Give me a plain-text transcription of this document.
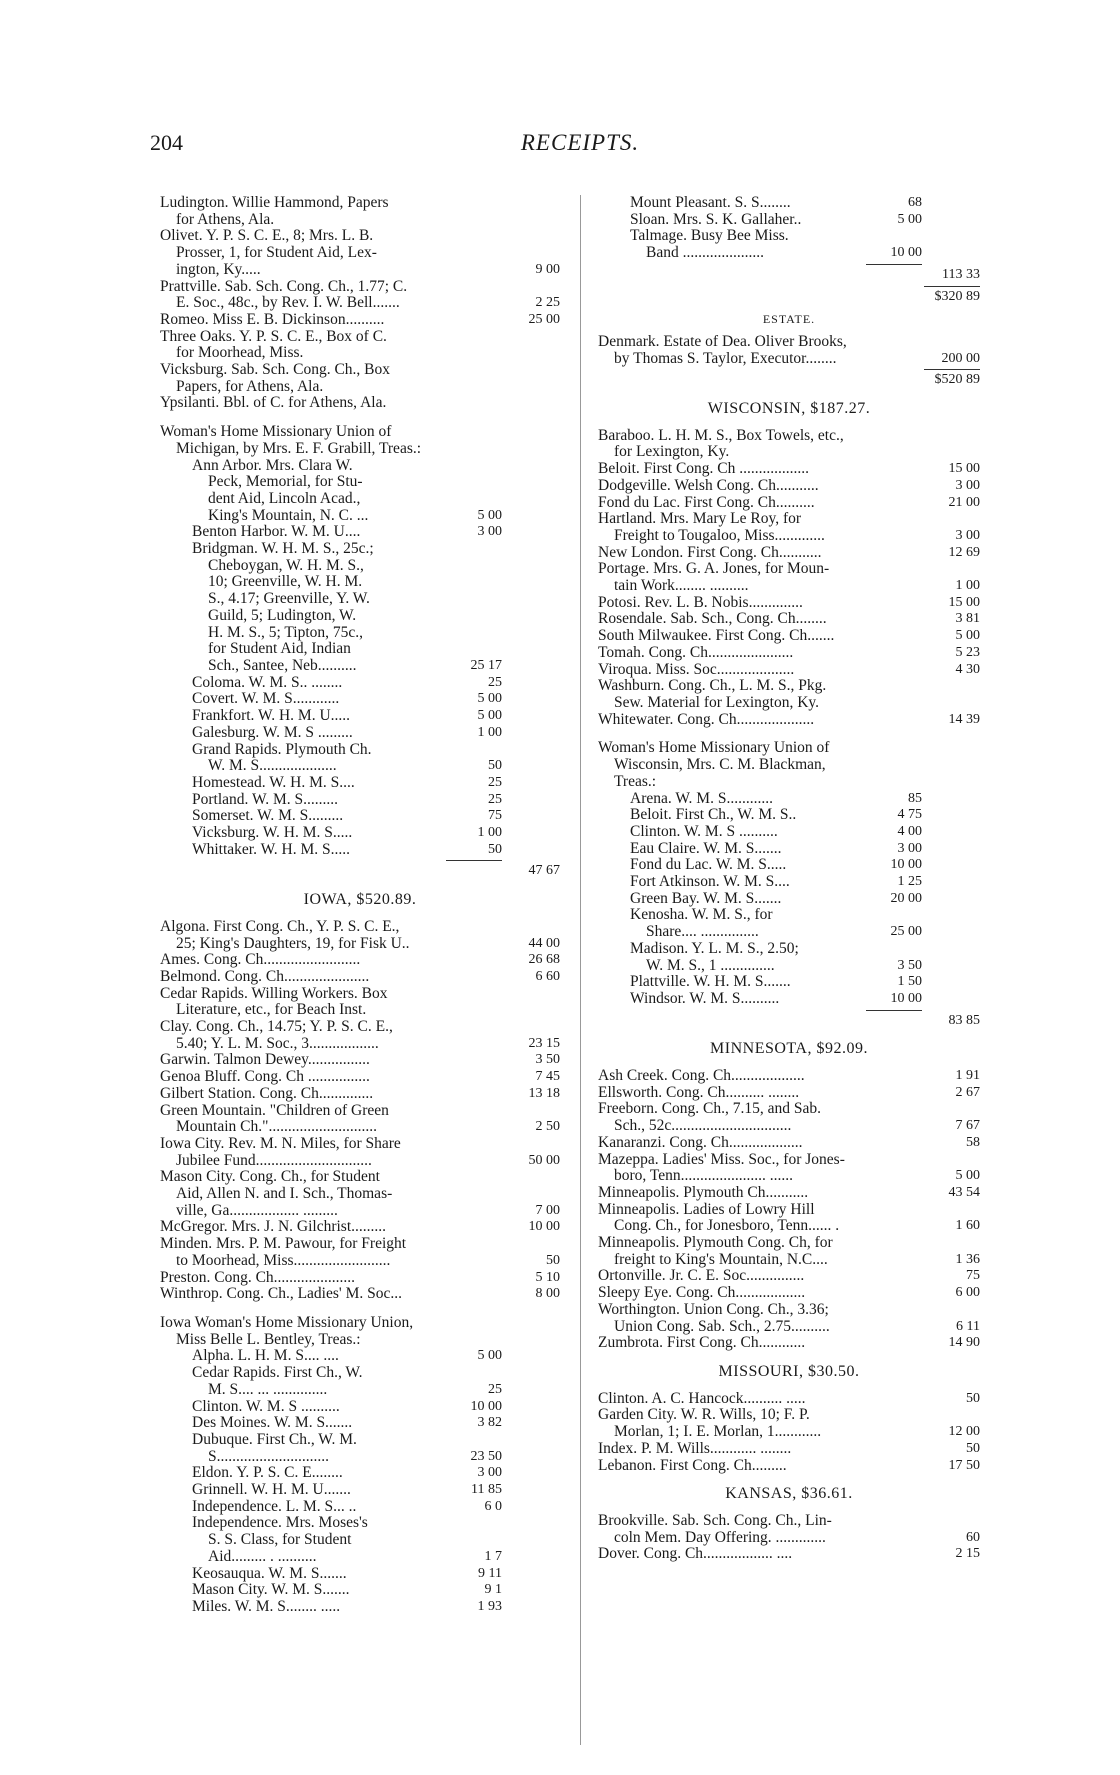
204	RECEIPTS.
Ludington. Willie Hammond, Papers
for Athens, Ala.
Olivet. Y. P. S. C. E., 8; Mrs. L. B.
Prosser, 1, for Student Aid, Lex-
ington, Ky.....	9 00
Prattville. Sab. Sch. Cong. Ch., 1.77; C.
E. Soc., 48c., by Rev. I. W. Bell.......	2 25
Romeo. Miss E. B. Dickinson..........	25 00
Three Oaks. Y. P. S. C. E., Box of C.
for Moorhead, Miss.
Vicksburg. Sab. Sch. Cong. Ch., Box
Papers, for Athens, Ala.
Ypsilanti. Bbl. of C. for Athens, Ala.
Woman's Home Missionary Union of
Michigan, by Mrs. E. F. Grabill, Treas.:
Ann Arbor. Mrs. Clara W.
Peck, Memorial, for Stu-
dent Aid, Lincoln Acad.,
King's Mountain, N. C. ...	5 00
Benton Harbor. W. M. U....	3 00
Bridgman. W. H. M. S., 25c.;
Cheboygan, W. H. M. S.,
10; Greenville, W. H. M.
S., 4.17; Greenville, Y. W.
Guild, 5; Ludington, W.
H. M. S., 5; Tipton, 75c.,
for Student Aid, Indian
Sch., Santee, Neb..........	25 17
Coloma. W. M. S.. ........	25
Covert. W. M. S............	5 00
Frankfort. W. H. M. U.....	5 00
Galesburg. W. M. S .........	1 00
Grand Rapids. Plymouth Ch.
W. M. S....................	50
Homestead. W. H. M. S....	25
Portland. W. M. S.........	25
Somerset. W. M. S.........	75
Vicksburg. W. H. M. S.....	1 00
Whittaker. W. H. M. S.....	50
47 67
IOWA, $520.89.
Algona. First Cong. Ch., Y. P. S. C. E.,
25; King's Daughters, 19, for Fisk U..	44 00
Ames. Cong. Ch.........................	26 68
Belmond. Cong. Ch......................	6 60
Cedar Rapids. Willing Workers. Box
Literature, etc., for Beach Inst.
Clay. Cong. Ch., 14.75; Y. P. S. C. E.,
5.40; Y. L. M. Soc., 3..................	23 15
Garwin. Talmon Dewey................	3 50
Genoa Bluff. Cong. Ch ................	7 45
Gilbert Station. Cong. Ch..............	13 18
Green Mountain. "Children of Green
Mountain Ch."............................	2 50
Iowa City. Rev. M. N. Miles, for Share
Jubilee Fund..............................	50 00
Mason City. Cong. Ch., for Student
Aid, Allen N. and I. Sch., Thomas-
ville, Ga.................. .........	7 00
McGregor. Mrs. J. N. Gilchrist.........	10 00
Minden. Mrs. P. M. Pawour, for Freight
to Moorhead, Miss.........................	50
Preston. Cong. Ch.....................	5 10
Winthrop. Cong. Ch., Ladies' M. Soc...	8 00
Iowa Woman's Home Missionary Union,
Miss Belle L. Bentley, Treas.:
Alpha. L. H. M. S.... ....	5 00
Cedar Rapids. First Ch., W.
M. S.... ... ..............	25
Clinton. W. M. S ..........	10 00
Des Moines. W. M. S.......	3 82
Dubuque. First Ch., W. M.
S.............................	23 50
Eldon. Y. P. S. C. E........	3 00
Grinnell. W. H. M. U.......	11 85
Independence. L. M. S... ..	6 0
Independence. Mrs. Moses's
S. S. Class, for Student
Aid......... . ..........	1 7
Keosauqua. W. M. S.......	9 11
Mason City. W. M. S.......	9 1
Miles. W. M. S........ .....	1 93
Mount Pleasant. S. S........	68
Sloan. Mrs. S. K. Gallaher..	5 00
Talmage. Busy Bee Miss.
Band .....................	10 00
113 33
$320 89
ESTATE.
Denmark. Estate of Dea. Oliver Brooks,
by Thomas S. Taylor, Executor........	200 00
$520 89
WISCONSIN, $187.27.
Baraboo. L. H. M. S., Box Towels, etc.,
for Lexington, Ky.
Beloit. First Cong. Ch ..................	15 00
Dodgeville. Welsh Cong. Ch...........	3 00
Fond du Lac. First Cong. Ch..........	21 00
Hartland. Mrs. Mary Le Roy, for
Freight to Tougaloo, Miss.............	3 00
New London. First Cong. Ch...........	12 69
Portage. Mrs. G. A. Jones, for Moun-
tain Work........ ..........	1 00
Potosi. Rev. L. B. Nobis..............	15 00
Rosendale. Sab. Sch., Cong. Ch........	3 81
South Milwaukee. First Cong. Ch.......	5 00
Tomah. Cong. Ch......................	5 23
Viroqua. Miss. Soc....................	4 30
Washburn. Cong. Ch., L. M. S., Pkg.
Sew. Material for Lexington, Ky.
Whitewater. Cong. Ch....................	14 39
Woman's Home Missionary Union of
Wisconsin, Mrs. C. M. Blackman,
Treas.:
Arena. W. M. S............	85
Beloit. First Ch., W. M. S..	4 75
Clinton. W. M. S ..........	4 00
Eau Claire. W. M. S.......	3 00
Fond du Lac. W. M. S.....	10 00
Fort Atkinson. W. M. S....	1 25
Green Bay. W. M. S.......	20 00
Kenosha. W. M. S., for
Share.... ...............	25 00
Madison. Y. L. M. S., 2.50;
W. M. S., 1 ..............	3 50
Plattville. W. H. M. S.......	1 50
Windsor. W. M. S..........	10 00
83 85
MINNESOTA, $92.09.
Ash Creek. Cong. Ch...................	1 91
Ellsworth. Cong. Ch.......... ........	2 67
Freeborn. Cong. Ch., 7.15, and Sab.
Sch., 52c...............................	7 67
Kanaranzi. Cong. Ch...................	58
Mazeppa. Ladies' Miss. Soc., for Jones-
boro, Tenn...................... ......	5 00
Minneapolis. Plymouth Ch...........	43 54
Minneapolis. Ladies of Lowry Hill
Cong. Ch., for Jonesboro, Tenn...... .	1 60
Minneapolis. Plymouth Cong. Ch, for
freight to King's Mountain, N.C....	1 36
Ortonville. Jr. C. E. Soc...............	75
Sleepy Eye. Cong. Ch..................	6 00
Worthington. Union Cong. Ch., 3.36;
Union Cong. Sab. Sch., 2.75..........	6 11
Zumbrota. First Cong. Ch............	14 90
MISSOURI, $30.50.
Clinton. A. C. Hancock.......... .....	50
Garden City. W. R. Wills, 10; F. P.
Morlan, 1; I. E. Morlan, 1............	12 00
Index. P. M. Wills............ ........	50
Lebanon. First Cong. Ch.........	17 50
KANSAS, $36.61.
Brookville. Sab. Sch. Cong. Ch., Lin-
coln Mem. Day Offering. .............	60
Dover. Cong. Ch.................. ....	2 15
